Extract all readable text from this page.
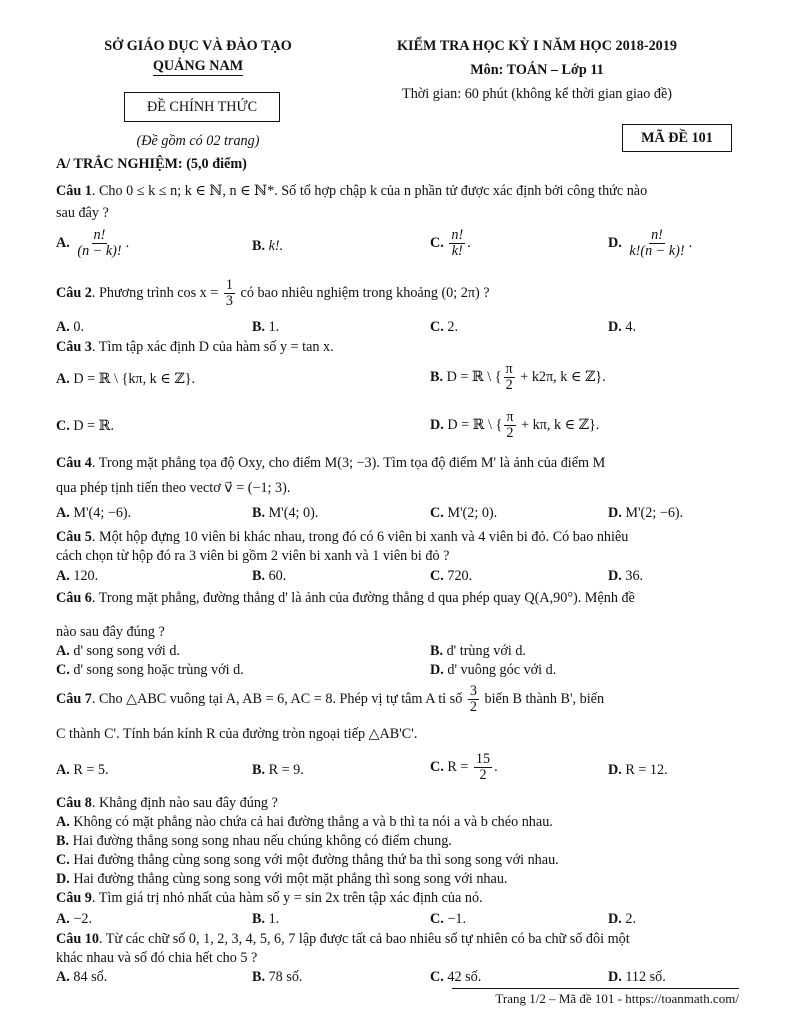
SỞ GIÁO DỤC VÀ ĐÀO TẠO
QUẢNG NAM
ĐỀ CHÍNH THỨC
(Đề gồm có 02 trang)
KIỂM TRA HỌC KỲ I NĂM HỌC 2018-2019
Môn: TOÁN – Lớp 11
Thời gian: 60 phút (không kể thời gian giao đề)
MÃ ĐỀ 101
A/ TRẮC NGHIỆM: (5,0 điểm)
Câu 1. Cho 0 ≤ k ≤ n; k ∈ ℕ, n ∈ ℕ*. Số tổ hợp chập k của n phần tử được xác định bởi công thức nào
sau đây ?
A. $\frac{n!}{(n - k)!}$ .	B. k!.	C. $\frac{n!}{k!}$ .	D. $\frac{n!}{k!(n - k)!}$ .
Câu 2. Phương trình $\cos x = \frac{1}{3}$ có bao nhiêu nghiệm trong khoảng (0; 2π) ?
A. 0.	B. 1.	C. 2.	D. 4.
Câu 3. Tìm tập xác định D của hàm số y = tan x.
A. D = ℝ \ {kπ, k ∈ ℤ}.	B. D = ℝ \ { $\frac{\pi}{2} + k2\pi$, k ∈ ℤ}.
C. D = ℝ.	D. D = ℝ \ { $\frac{\pi}{2} + k\pi$, k ∈ ℤ}.
Câu 4. Trong mặt phẳng tọa độ Oxy, cho điểm M(3; −3). Tìm tọa độ điểm M' là ảnh của điểm M
qua phép tịnh tiến theo vectơ v⃗ = (−1; 3).
A. M'(4; −6).	B. M'(4; 0).	C. M'(2; 0).	D. M'(2; −6).
Câu 5. Một hộp đựng 10 viên bi khác nhau, trong đó có 6 viên bi xanh và 4 viên bi đỏ. Có bao nhiêu
cách chọn từ hộp đó ra 3 viên bi gồm 2 viên bi xanh và 1 viên bi đỏ ?
A. 120.	B. 60.	C. 720.	D. 36.
Câu 6. Trong mặt phẳng, đường thẳng d' là ảnh của đường thẳng d qua phép quay Q(A,90°). Mệnh đề
nào sau đây đúng ?
A. d' song song với d.	B. d' trùng với d.
C. d' song song hoặc trùng với d.	D. d' vuông góc với d.
Câu 7. Cho △ABC vuông tại A, AB = 6, AC = 8. Phép vị tự tâm A tỉ số $\frac{3}{2}$ biến B thành B', biến
C thành C'. Tính bán kính R của đường tròn ngoại tiếp △AB'C'.
A. R = 5.	B. R = 9.	C. $R = \frac{15}{2}$ .	D. R = 12.
Câu 8. Khẳng định nào sau đây đúng ?
A. Không có mặt phẳng nào chứa cả hai đường thẳng a và b thì ta nói a và b chéo nhau.
B. Hai đường thẳng song song nhau nếu chúng không có điểm chung.
C. Hai đường thẳng cùng song song với một đường thẳng thứ ba thì song song với nhau.
D. Hai đường thẳng cùng song song với một mặt phẳng thì song song với nhau.
Câu 9. Tìm giá trị nhỏ nhất của hàm số y = sin 2x trên tập xác định của nó.
A. −2.	B. 1.	C. −1.	D. 2.
Câu 10. Từ các chữ số 0, 1, 2, 3, 4, 5, 6, 7 lập được tất cả bao nhiêu số tự nhiên có ba chữ số đôi một
khác nhau và số đó chia hết cho 5 ?
A. 84 số.	B. 78 số.	C. 42 số.	D. 112 số.
Trang 1/2 – Mã đề 101 - https://toanmath.com/
